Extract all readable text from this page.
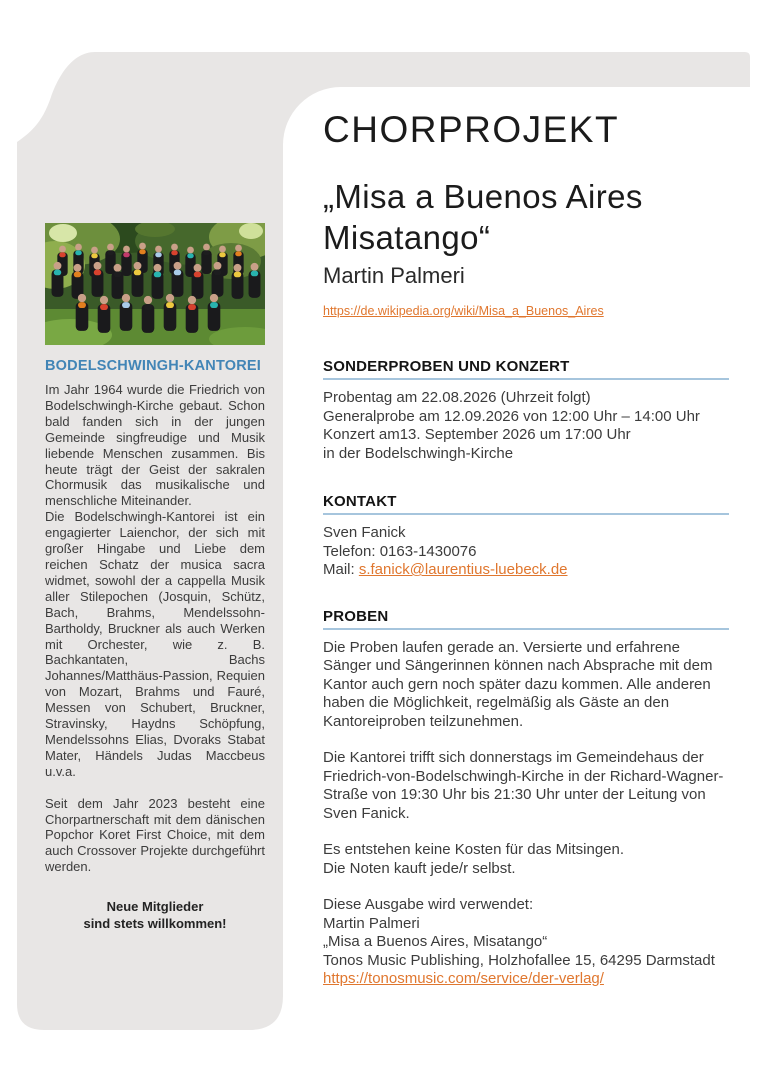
BODELSCHWINGH-KANTOREI

Im Jahr 1964 wurde die Friedrich von Bodelschwingh-Kirche gebaut. Schon bald fanden sich in der jungen Gemeinde singfreudige und Musik liebende Menschen zusammen. Bis heute trägt der Geist der sakralen Chormusik das musikalische und menschliche Miteinander.

Die Bodelschwingh-Kantorei ist ein engagierter Laienchor, der sich mit großer Hingabe und Liebe dem reichen Schatz der musica sacra widmet, sowohl der a cappella Musik aller Stilepochen (Josquin, Schütz, Bach, Brahms, Mendelssohn-Bartholdy, Bruckner als auch Werken mit Orchester, wie z. B. Bachkantaten, Bachs Johannes/Matthäus-Passion, Requien von Mozart, Brahms und Fauré, Messen von Schubert, Bruckner, Stravinsky, Haydns Schöpfung, Mendelssohns Elias, Dvoraks Stabat Mater, Händels Judas Maccbeus u.v.a.

Seit dem Jahr 2023 besteht eine Chorpartnerschaft mit dem dänischen Popchor Koret First Choice, mit dem auch Crossover Projekte durchgeführt werden.

Neue Mitglieder
sind stets willkommen!
CHORPROJEKT
„Misa a Buenos Aires
Misatango“
Martin Palmeri
https://de.wikipedia.org/wiki/Misa_a_Buenos_Aires
SONDERPROBEN UND KONZERT

Probentag am 22.08.2026 (Uhrzeit folgt)

Generalprobe am 12.09.2026 von 12:00 Uhr – 14:00 Uhr

Konzert am13. September 2026 um 17:00 Uhr

in der Bodelschwingh-Kirche

KONTAKT

Sven Fanick

Telefon: 0163-1430076

Mail: s.fanick@laurentius-luebeck.de

PROBEN

Die Proben laufen gerade an. Versierte und erfahrene Sänger und Sängerinnen können nach Absprache mit dem Kantor auch gern noch später dazu kommen. Alle anderen haben die Möglichkeit, regelmäßig als Gäste an den Kantoreiproben teilzunehmen.

Die Kantorei trifft sich donnerstags im Gemeindehaus der Friedrich-von-Bodelschwingh-Kirche in der Richard-Wagner-Straße von 19:30 Uhr bis 21:30 Uhr unter der Leitung von Sven Fanick.

Es entstehen keine Kosten für das Mitsingen.

Die Noten kauft jede/r selbst.

Diese Ausgabe wird verwendet:

Martin Palmeri

„Misa a Buenos Aires, Misatango“

Tonos Music Publishing, Holzhofallee 15, 64295 Darmstadt

https://tonosmusic.com/service/der-verlag/
